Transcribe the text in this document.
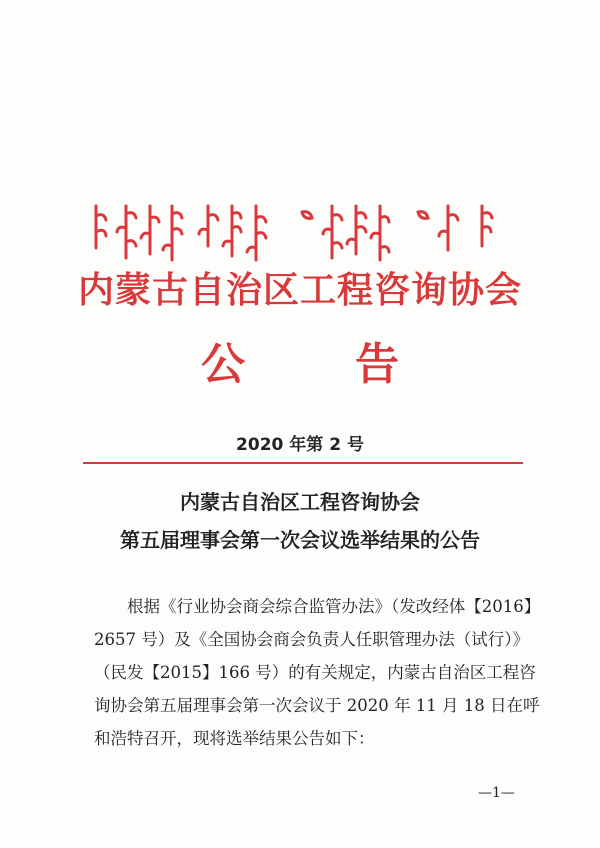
内蒙古自治区工程咨询协会
公告
2020 年第 2 号
内蒙古自治区工程咨询协会
第五届理事会第一次会议选举结果的公告
　　根据《行业协会商会综合监管办法》（发改经体【2016】
2657 号）及《全国协会商会负责人任职管理办法（试行）》
（民发【2015】166 号）的有关规定，内蒙古自治区工程咨
询协会第五届理事会第一次会议于 2020 年 11 月 18 日在呼
和浩特召开，现将选举结果公告如下：
—1—
